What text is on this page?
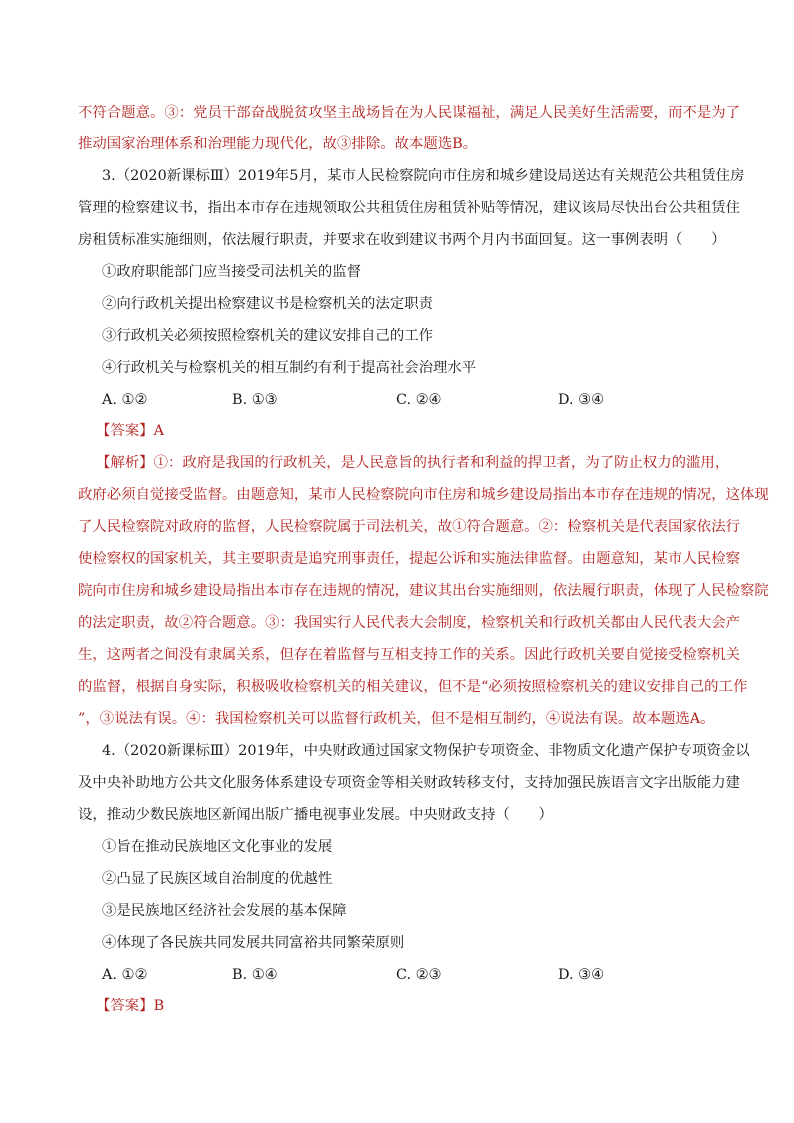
不符合题意。③：党员干部奋战脱贫攻坚主战场旨在为人民谋福祉，满足人民美好生活需要，而不是为了
推动国家治理体系和治理能力现代化，故③排除。故本题选B。
3.（2020新课标Ⅲ）2019年5月，某市人民检察院向市住房和城乡建设局送达有关规范公共租赁住房
管理的检察建议书，指出本市存在违规领取公共租赁住房租赁补贴等情况，建议该局尽快出台公共租赁住
房租赁标准实施细则，依法履行职责，并要求在收到建议书两个月内书面回复。这一事例表明（　　）
①政府职能部门应当接受司法机关的监督
②向行政机关提出检察建议书是检察机关的法定职责
③行政机关必须按照检察机关的建议安排自己的工作
④行政机关与检察机关的相互制约有利于提高社会治理水平
A. ①②	B. ①③	C. ②④	D. ③④
【答案】A
【解析】①：政府是我国的行政机关，是人民意旨的执行者和利益的捍卫者，为了防止权力的滥用，
政府必须自觉接受监督。由题意知，某市人民检察院向市住房和城乡建设局指出本市存在违规的情况，这体现
了人民检察院对政府的监督，人民检察院属于司法机关，故①符合题意。②：检察机关是代表国家依法行
使检察权的国家机关，其主要职责是追究刑事责任，提起公诉和实施法律监督。由题意知，某市人民检察
院向市住房和城乡建设局指出本市存在违规的情况，建议其出台实施细则，依法履行职责，体现了人民检察院
的法定职责，故②符合题意。③：我国实行人民代表大会制度，检察机关和行政机关都由人民代表大会产
生，这两者之间没有隶属关系，但存在着监督与互相支持工作的关系。因此行政机关要自觉接受检察机关
的监督，根据自身实际，积极吸收检察机关的相关建议，但不是“必须按照检察机关的建议安排自己的工作
”，③说法有误。④：我国检察机关可以监督行政机关，但不是相互制约，④说法有误。故本题选A。
4.（2020新课标Ⅲ）2019年，中央财政通过国家文物保护专项资金、非物质文化遗产保护专项资金以
及中央补助地方公共文化服务体系建设专项资金等相关财政转移支付，支持加强民族语言文字出版能力建
设，推动少数民族地区新闻出版广播电视事业发展。中央财政支持（　　）
①旨在推动民族地区文化事业的发展
②凸显了民族区域自治制度的优越性
③是民族地区经济社会发展的基本保障
④体现了各民族共同发展共同富裕共同繁荣原则
A. ①②	B. ①④	C. ②③	D. ③④
【答案】B
